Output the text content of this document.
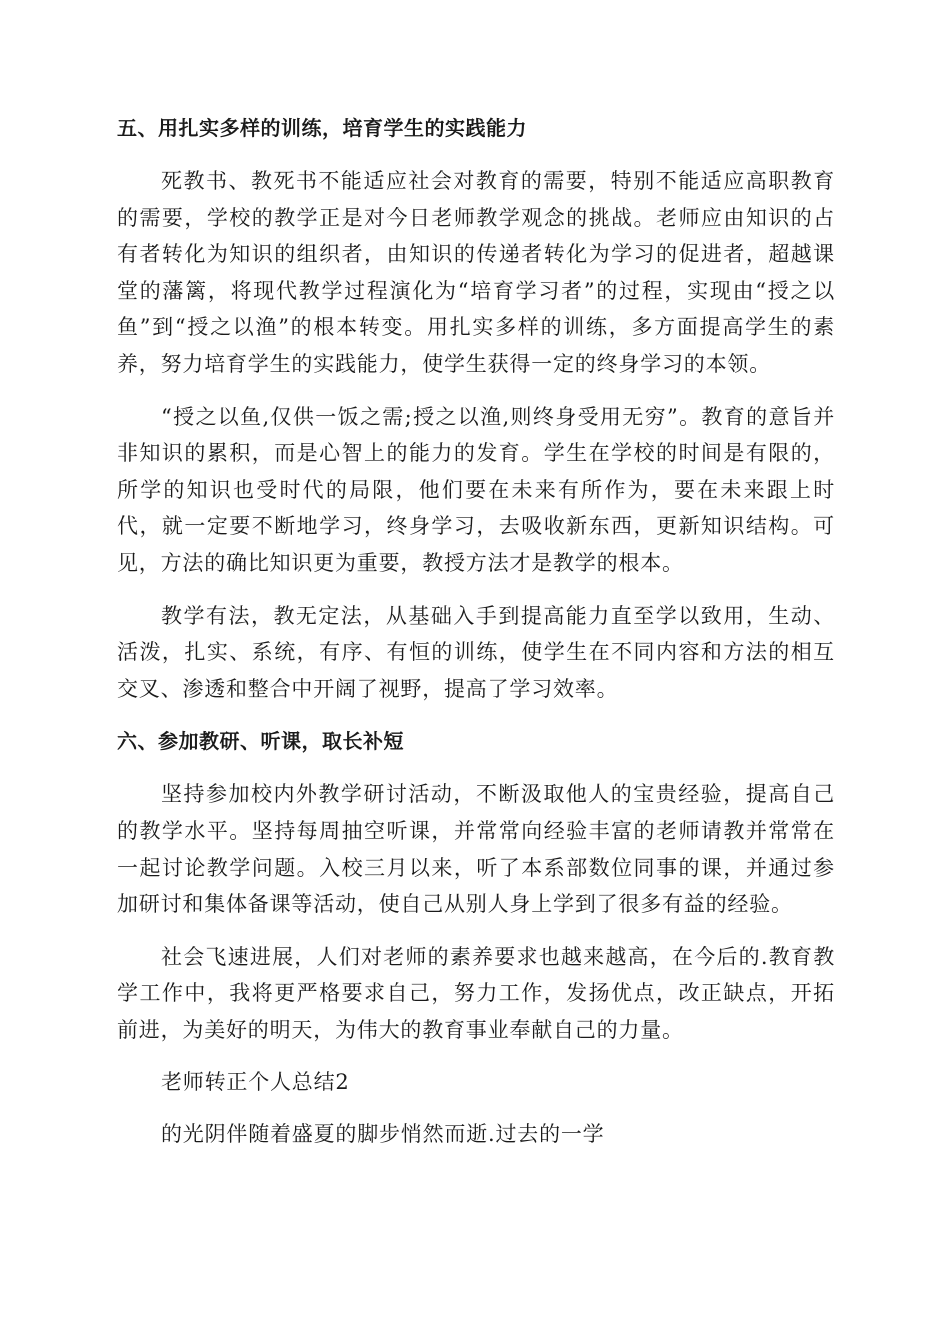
五、用扎实多样的训练，培育学生的实践能力

死教书、教死书不能适应社会对教育的需要，特别不能适应高职教育的需要，学校的教学正是对今日老师教学观念的挑战。老师应由知识的占有者转化为知识的组织者，由知识的传递者转化为学习的促进者，超越课堂的藩篱，将现代教学过程演化为“培育学习者”的过程，实现由“授之以鱼”到“授之以渔”的根本转变。用扎实多样的训练，多方面提高学生的素养，努力培育学生的实践能力，使学生获得一定的终身学习的本领。

“授之以鱼,仅供一饭之需;授之以渔,则终身受用无穷”。教育的意旨并非知识的累积，而是心智上的能力的发育。学生在学校的时间是有限的，所学的知识也受时代的局限，他们要在未来有所作为，要在未来跟上时代，就一定要不断地学习，终身学习，去吸收新东西，更新知识结构。可见，方法的确比知识更为重要，教授方法才是教学的根本。

教学有法，教无定法，从基础入手到提高能力直至学以致用，生动、活泼，扎实、系统，有序、有恒的训练，使学生在不同内容和方法的相互交叉、渗透和整合中开阔了视野，提高了学习效率。

六、参加教研、听课，取长补短

坚持参加校内外教学研讨活动，不断汲取他人的宝贵经验，提高自己的教学水平。坚持每周抽空听课，并常常向经验丰富的老师请教并常常在一起讨论教学问题。入校三月以来，听了本系部数位同事的课，并通过参加研讨和集体备课等活动，使自己从别人身上学到了很多有益的经验。

社会飞速进展，人们对老师的素养要求也越来越高，在今后的.教育教学工作中，我将更严格要求自己，努力工作，发扬优点，改正缺点，开拓前进，为美好的明天，为伟大的教育事业奉献自己的力量。

老师转正个人总结2
的光阴伴随着盛夏的脚步悄然而逝.过去的一学
